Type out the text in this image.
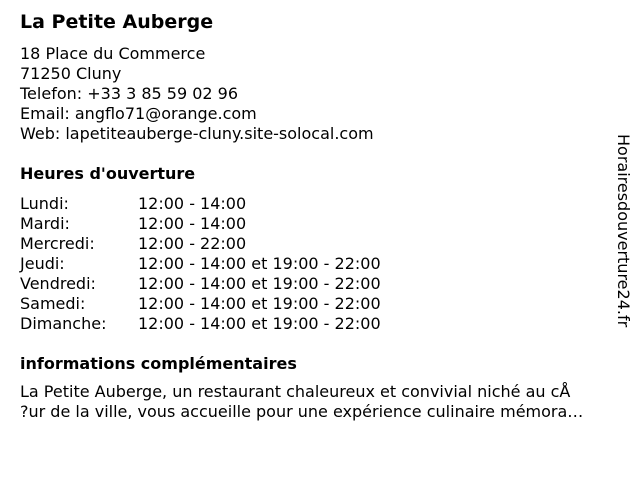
La Petite Auberge
18 Place du Commerce
71250 Cluny
Telefon: +33 3 85 59 02 96
Email: angflo71@orange.com
Web: lapetiteauberge-cluny.site-solocal.com
Heures d'ouverture
Lundi:	12:00 - 14:00
Mardi:	12:00 - 14:00
Mercredi:	12:00 - 22:00
Jeudi:	12:00 - 14:00 et 19:00 - 22:00
Vendredi:	12:00 - 14:00 et 19:00 - 22:00
Samedi:	12:00 - 14:00 et 19:00 - 22:00
Dimanche:	12:00 - 14:00 et 19:00 - 22:00
informations complémentaires
La Petite Auberge, un restaurant chaleureux et convivial niché au cÅ
?ur de la ville, vous accueille pour une expérience culinaire mémora…
Horairesdouverture24.fr
